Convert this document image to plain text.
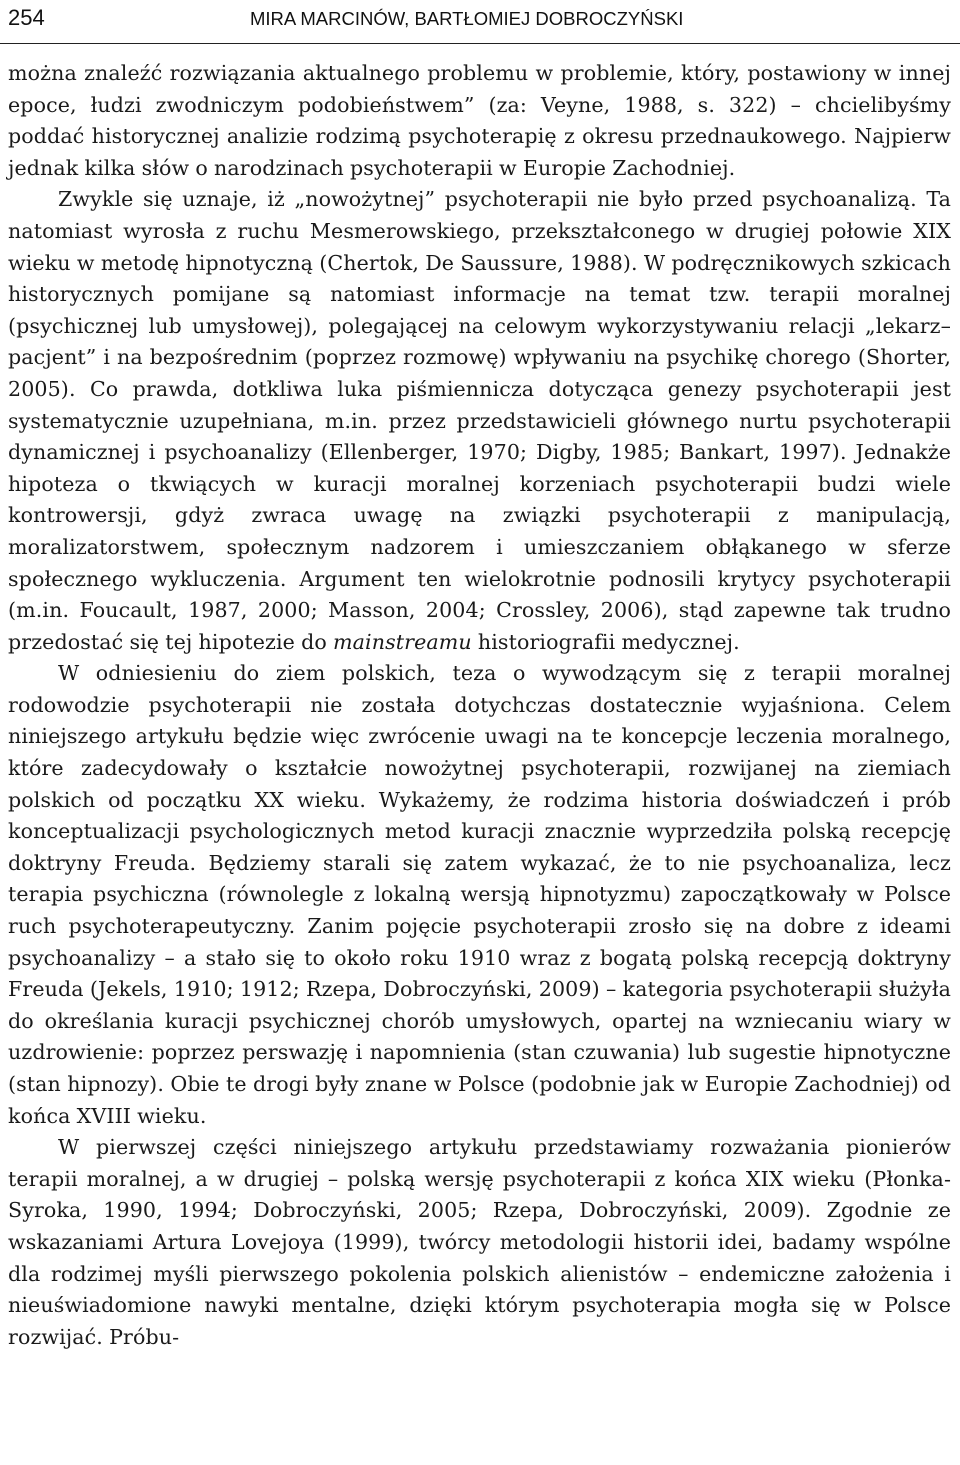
254	MIRA MARCINÓW, BARTŁOMIEJ DOBROCZYŃSKI

można znaleźć rozwiązania aktualnego problemu w problemie, który, postawiony w innej epoce, łudzi zwodniczym podobieństwem” (za: Veyne, 1988, s. 322) – chcielibyśmy poddać historycznej analizie rodzimą psychoterapię z okresu przednaukowego. Najpierw jednak kilka słów o narodzinach psychoterapii w Europie Zachodniej.

Zwykle się uznaje, iż „nowożytnej” psychoterapii nie było przed psychoanalizą. Ta natomiast wyrosła z ruchu Mesmerowskiego, przekształconego w drugiej połowie XIX wieku w metodę hipnotyczną (Chertok, De Saussure, 1988). W podręcznikowych szkicach historycznych pomijane są natomiast informacje na temat tzw. terapii moralnej (psychicznej lub umysłowej), polegającej na celowym wykorzystywaniu relacji „lekarz–pacjent” i na bezpośrednim (poprzez rozmowę) wpływaniu na psychikę chorego (Shorter, 2005). Co prawda, dotkliwa luka piśmiennicza dotycząca genezy psychoterapii jest systematycznie uzupełniana, m.in. przez przedstawicieli głównego nurtu psychoterapii dynamicznej i psychoanalizy (Ellenberger, 1970; Digby, 1985; Bankart, 1997). Jednakże hipoteza o tkwiących w kuracji moralnej korzeniach psychoterapii budzi wiele kontrowersji, gdyż zwraca uwagę na związki psychoterapii z manipulacją, moralizatorstwem, społecznym nadzorem i umieszczaniem obłąkanego w sferze społecznego wykluczenia. Argument ten wielokrotnie podnosili krytycy psychoterapii (m.in. Foucault, 1987, 2000; Masson, 2004; Crossley, 2006), stąd zapewne tak trudno przedostać się tej hipotezie do mainstreamu historiografii medycznej.

W odniesieniu do ziem polskich, teza o wywodzącym się z terapii moralnej rodowodzie psychoterapii nie została dotychczas dostatecznie wyjaśniona. Celem niniejszego artykułu będzie więc zwrócenie uwagi na te koncepcje leczenia moralnego, które zadecydowały o kształcie nowożytnej psychoterapii, rozwijanej na ziemiach polskich od początku XX wieku. Wykażemy, że rodzima historia doświadczeń i prób konceptualizacji psychologicznych metod kuracji znacznie wyprzedziła polską recepcję doktryny Freuda. Będziemy starali się zatem wykazać, że to nie psychoanaliza, lecz terapia psychiczna (równolegle z lokalną wersją hipnotyzmu) zapoczątkowały w Polsce ruch psychoterapeutyczny. Zanim pojęcie psychoterapii zrosło się na dobre z ideami psychoanalizy – a stało się to około roku 1910 wraz z bogatą polską recepcją doktryny Freuda (Jekels, 1910; 1912; Rzepa, Dobroczyński, 2009) – kategoria psychoterapii służyła do określania kuracji psychicznej chorób umysłowych, opartej na wzniecaniu wiary w uzdrowienie: poprzez perswazję i napomnienia (stan czuwania) lub sugestie hipnotyczne (stan hipnozy). Obie te drogi były znane w Polsce (podobnie jak w Europie Zachodniej) od końca XVIII wieku.

W pierwszej części niniejszego artykułu przedstawiamy rozważania pionierów terapii moralnej, a w drugiej – polską wersję psychoterapii z końca XIX wieku (Płonka-Syroka, 1990, 1994; Dobroczyński, 2005; Rzepa, Dobroczyński, 2009). Zgodnie ze wskazaniami Artura Lovejoya (1999), twórcy metodologii historii idei, badamy wspólne dla rodzimej myśli pierwszego pokolenia polskich alienistów – endemiczne założenia i nieuświadomione nawyki mentalne, dzięki którym psychoterapia mogła się w Polsce rozwijać. Próbu-
